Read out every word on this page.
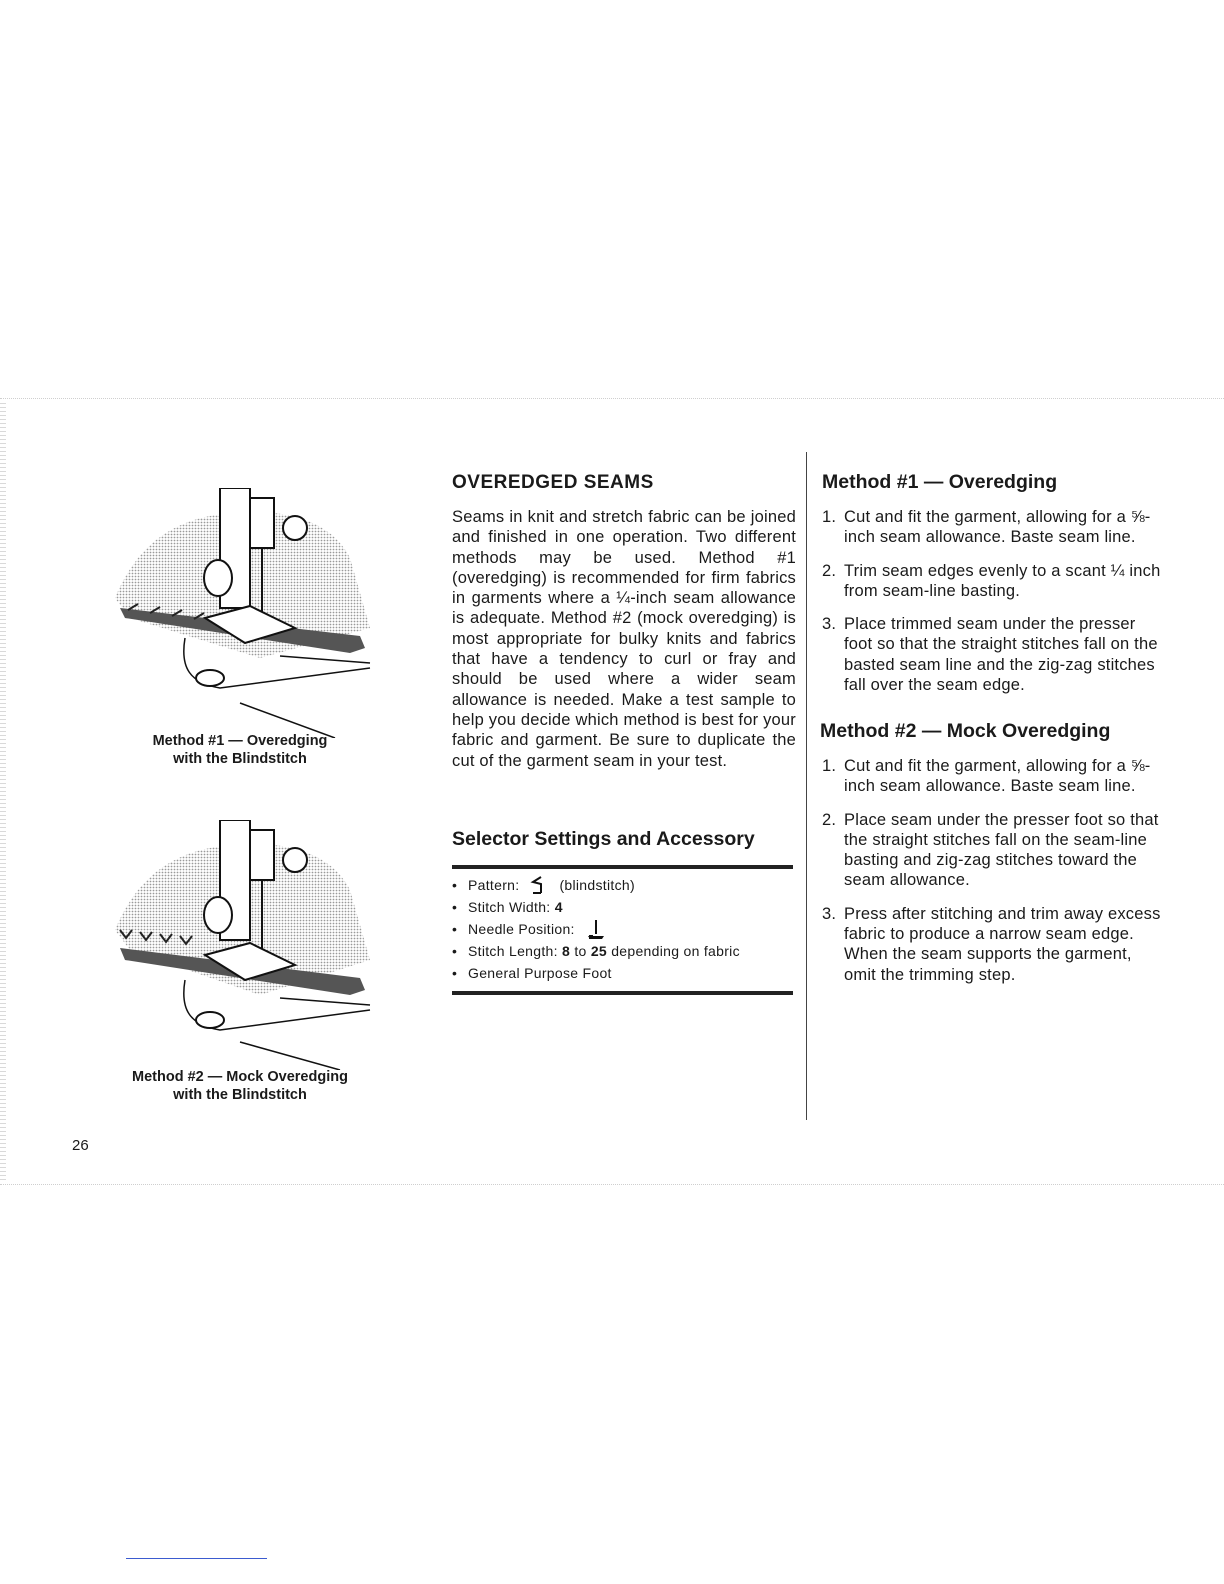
Method #1 — Overedging
with the Blindstitch
Method #2 — Mock Overedging
with the Blindstitch
26
OVEREDGED SEAMS

Seams in knit and stretch fabric can be joined and finished in one operation. Two different methods may be used. Method #1 (overedging) is recommended for firm fabrics in garments where a ¼-inch seam allowance is adequate. Method #2 (mock overedging) is most appropriate for bulky knits and fabrics that have a tendency to curl or fray and should be used where a wider seam allowance is needed. Make a test sample to help you decide which method is best for your fabric and garment. Be sure to duplicate the cut of the garment seam in your test.

Selector Settings and Accessory
• Pattern:	(blindstitch)
• Stitch Width:
4
• Needle Position:
• Stitch Length:
8
to
25
depending on fabric
• General Purpose Foot
Method #1 — Overedging
1. Cut and fit the garment, allowing for a ⅝-inch seam allowance. Baste seam line.
2. Trim seam edges evenly to a scant ¼ inch from seam-line basting.
3. Place trimmed seam under the presser foot so that the straight stitches fall on the basted seam line and the zig-zag stitches fall over the seam edge.
Method #2 — Mock Overedging
1. Cut and fit the garment, allowing for a ⅝-inch seam allowance. Baste seam line.
2. Place seam under the presser foot so that the straight stitches fall on the seam-line basting and zig-zag stitches toward the seam allowance.
3. Press after stitching and trim away excess fabric to produce a narrow seam edge. When the seam supports the garment, omit the trimming step.
